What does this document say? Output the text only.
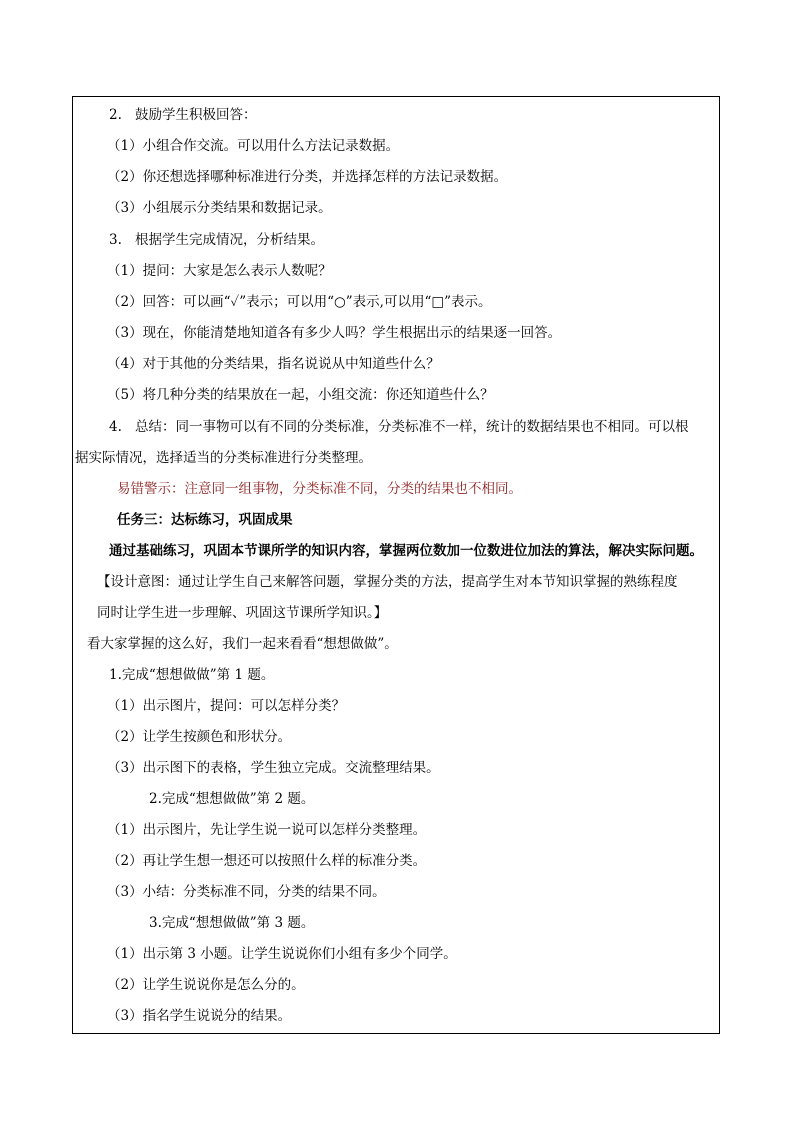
2. 鼓励学生积极回答：
（1）小组合作交流。可以用什么方法记录数据。
（2）你还想选择哪种标准进行分类，并选择怎样的方法记录数据。
（3）小组展示分类结果和数据记录。
3. 根据学生完成情况，分析结果。
（1）提问：大家是怎么表示人数呢？
（2）回答：可以画“✓”表示；可以用“○”表示,可以用“□”表示。
（3）现在，你能清楚地知道各有多少人吗？学生根据出示的结果逐一回答。
（4）对于其他的分类结果，指名说说从中知道些什么？
（5）将几种分类的结果放在一起，小组交流：你还知道些什么？
4. 总结：同一事物可以有不同的分类标准，分类标准不一样，统计的数据结果也不相同。可以根
据实际情况，选择适当的分类标准进行分类整理。
易错警示：注意同一组事物，分类标准不同，分类的结果也不相同。
任务三：达标练习，巩固成果
通过基础练习，巩固本节课所学的知识内容，掌握两位数加一位数进位加法的算法，解决实际问题。
【设计意图：通过让学生自己来解答问题，掌握分类的方法，提高学生对本节知识掌握的熟练程度
同时让学生进一步理解、巩固这节课所学知识。】
看大家掌握的这么好，我们一起来看看“想想做做”。
1.完成“想想做做”第 1 题。
（1）出示图片，提问：可以怎样分类？
（2）让学生按颜色和形状分。
（3）出示图下的表格，学生独立完成。交流整理结果。
2.完成“想想做做”第 2 题。
（1）出示图片，先让学生说一说可以怎样分类整理。
（2）再让学生想一想还可以按照什么样的标准分类。
（3）小结：分类标准不同，分类的结果不同。
3.完成“想想做做”第 3 题。
（1）出示第 3 小题。让学生说说你们小组有多少个同学。
（2）让学生说说你是怎么分的。
（3）指名学生说说分的结果。
